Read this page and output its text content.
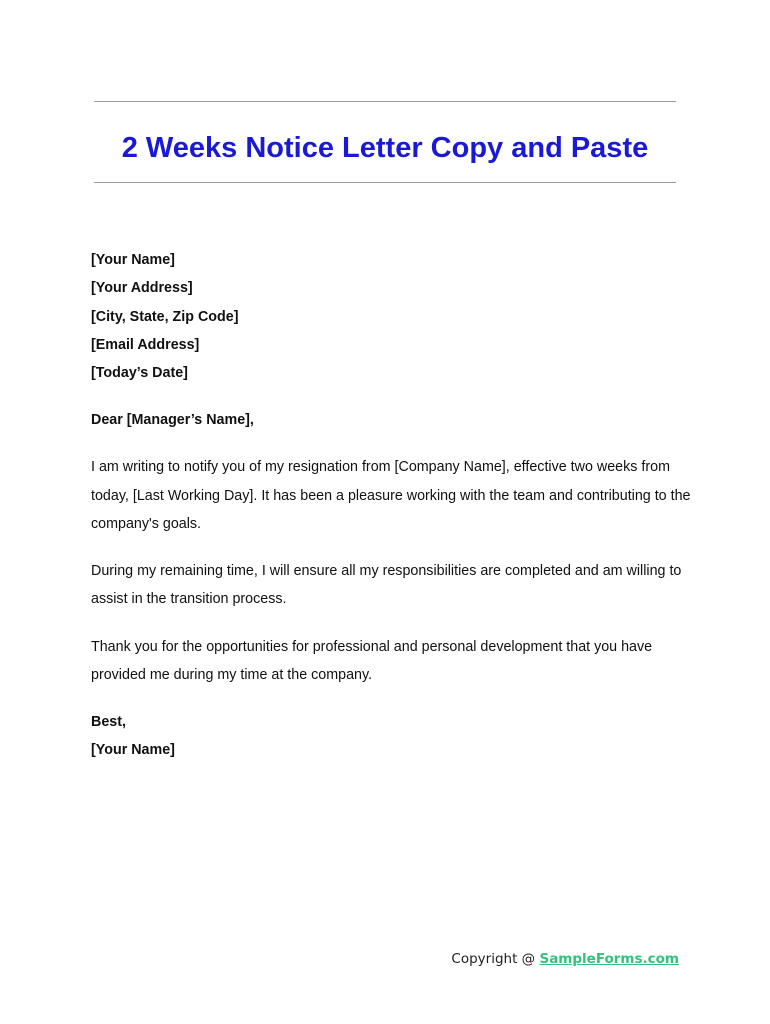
2 Weeks Notice Letter Copy and Paste

[Your Name]

[Your Address]

[City, State, Zip Code]

[Email Address]

[Today’s Date]

Dear [Manager’s Name],

I am writing to notify you of my resignation from [Company Name], effective two weeks from today, [Last Working Day]. It has been a pleasure working with the team and contributing to the company's goals.

During my remaining time, I will ensure all my responsibilities are completed and am willing to assist in the transition process.

Thank you for the opportunities for professional and personal development that you have provided me during my time at the company.

Best,
[Your Name]

Copyright @ SampleForms.com
